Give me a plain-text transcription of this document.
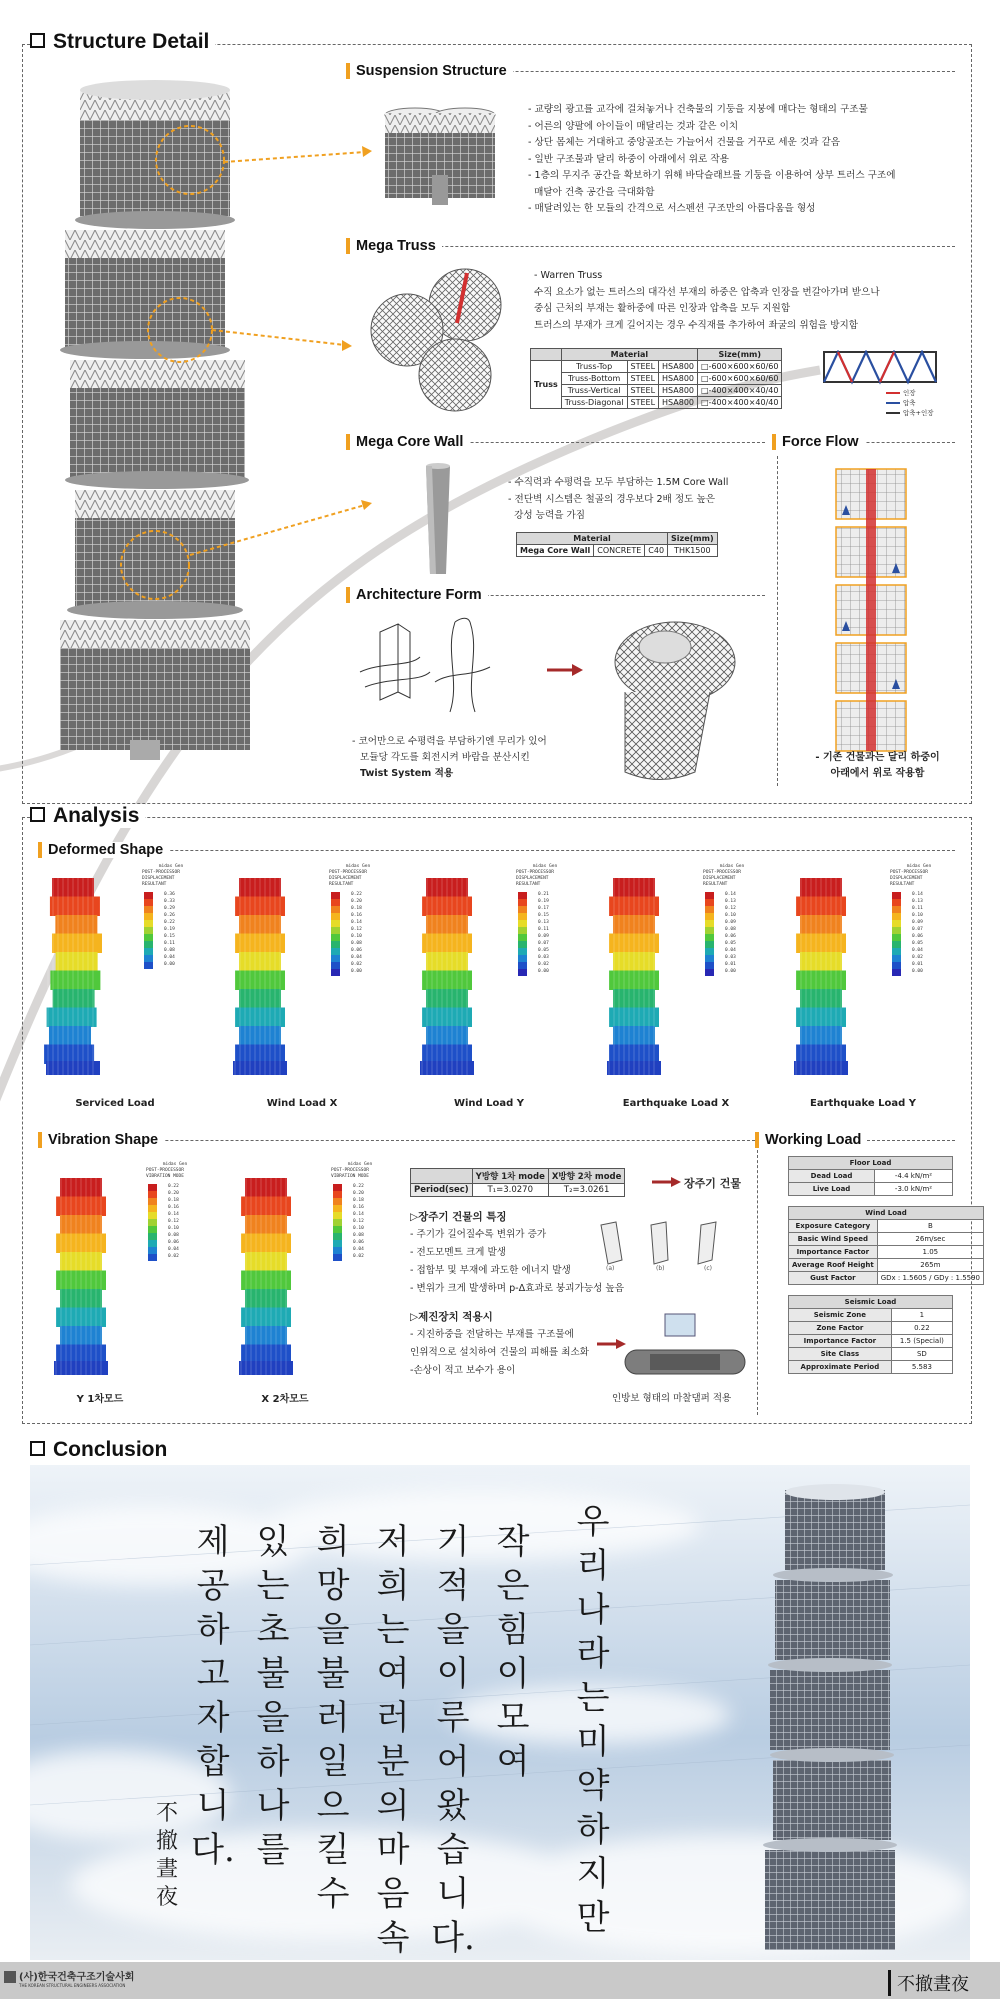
Structure Detail
Suspension Structure
- 교량의 광고를 교각에 걸쳐놓거나 건축물의 기둥을 지붕에 매다는 형태의 구조물
- 어른의 양팔에 아이들이 매달리는 것과 같은 이치
- 상단 몸체는 거대하고 중앙골조는 가늘어서 건물을 거꾸로 세운 것과 같음
- 일반 구조물과 달리 하중이 아래에서 위로 작용
- 1층의 무지주 공간을 확보하기 위해 바닥슬래브를 기둥을 이용하여 상부 트러스 구조에
매달아 건축 공간을 극대화함
- 매달려있는 한 모듈의 간격으로 서스펜션 구조만의 아름다움을 형성
Mega Truss
- Warren Truss
수직 요소가 없는 트러스의 대각선 부재의 하중은 압축과 인장을 번갈아가며 받으나
중심 근처의 부재는 활하중에 따른 인장과 압축을 모두 지원함
트러스의 부재가 크게 길어지는 경우 수직재를 추가하여 좌굴의 위험을 방지함
	Material			Size(mm)
Truss	Truss-Top	STEEL	HSA800	□-600×600×60/60
	Truss-Bottom	STEEL	HSA800	□-600×600×60/60
	Truss-Vertical	STEEL	HSA800	□-400×400×40/40
	Truss-Diagonal	STEEL	HSA800	□-400×400×40/40
인장
압축
압축+인장
Mega Core Wall
- 수직력과 수평력을 모두 부담하는 1.5M Core Wall
- 전단벽 시스템은 철골의 경우보다 2배 정도 높은
강성 능력을 가짐
Material			Size(mm)
Mega Core Wall	CONCRETE	C40	THK1500
Force Flow
- 기존 건물과는 달리 하중이
아래에서 위로 작용함
Architecture Form
- 코어만으로 수평력을 부담하기엔 무리가 있어
모듈당 각도를 회전시켜 바람을 분산시킨
Twist System 적용
Analysis
Deformed Shape
midas Gen
POST-PROCESSOR
DISPLACEMENT
RESULTANT
0.36
0.33
0.29
0.26
0.22
0.19
0.15
0.11
0.08
0.04
0.00
Serviced Load
midas Gen
POST-PROCESSOR
DISPLACEMENT
RESULTANT
0.22
0.20
0.18
0.16
0.14
0.12
0.10
0.08
0.06
0.04
0.02
0.00
Wind Load X
midas Gen
POST-PROCESSOR
DISPLACEMENT
RESULTANT
0.21
0.19
0.17
0.15
0.13
0.11
0.09
0.07
0.05
0.03
0.02
0.00
Wind Load Y
midas Gen
POST-PROCESSOR
DISPLACEMENT
RESULTANT
0.14
0.13
0.12
0.10
0.09
0.08
0.06
0.05
0.04
0.03
0.01
0.00
Earthquake Load X
midas Gen
POST-PROCESSOR
DISPLACEMENT
RESULTANT
0.14
0.13
0.11
0.10
0.09
0.07
0.06
0.05
0.04
0.02
0.01
0.00
Earthquake Load Y
Vibration Shape
midas Gen
POST-PROCESSOR
VIBRATION MODE
0.22
0.20
0.18
0.16
0.14
0.12
0.10
0.08
0.06
0.04
0.02
Y 1차모드
midas Gen
POST-PROCESSOR
VIBRATION MODE
0.22
0.20
0.18
0.16
0.14
0.12
0.10
0.08
0.06
0.04
0.02
X 2차모드
	Y방향 1차 mode	X방향 2차 mode
Period(sec)	T₁=3.0270	T₂=3.0261	장주기 건물
▷장주기 건물의 특징
- 주기가 길어질수록 변위가 증가
- 전도모멘트 크게 발생
- 접합부 및 부재에 과도한 에너지 발생
- 변위가 크게 발생하며 p-Δ효과로 붕괴가능성 높음
(a)	(b)	(c)
▷제진장치 적용시
- 지진하중을 전달하는 부재를 구조물에
인위적으로 설치하여 건물의 피해를 최소화
-손상이 적고 보수가 용이
인방보 형태의 마찰댐퍼 적용
Working Load
Floor Load	
Dead Load	-4.4 kN/m²
Live Load	-3.0 kN/m²
Wind Load	
Exposure Category	B
Basic Wind Speed	26m/sec
Importance Factor	1.05
Average Roof Height	265m
Gust Factor	GDx : 1.5605 / GDy : 1.5590
Seismic Load	
Seismic Zone	1
Zone Factor	0.22
Importance Factor	1.5 (Special)
Site Class	SD
Approximate Period	5.583
Conclusion
우리나라는미약하지만
작은힘이모여
기적을이루어왔습니다.
저희는여러분의마음속
희망을불러일으킬수
있는초불을하나를
제공하고자합니다.
不撤晝夜
(사)한국건축구조기술사회
THE KOREAN STRUCTURAL ENGINEERS ASSOCIATION	不撤晝夜
